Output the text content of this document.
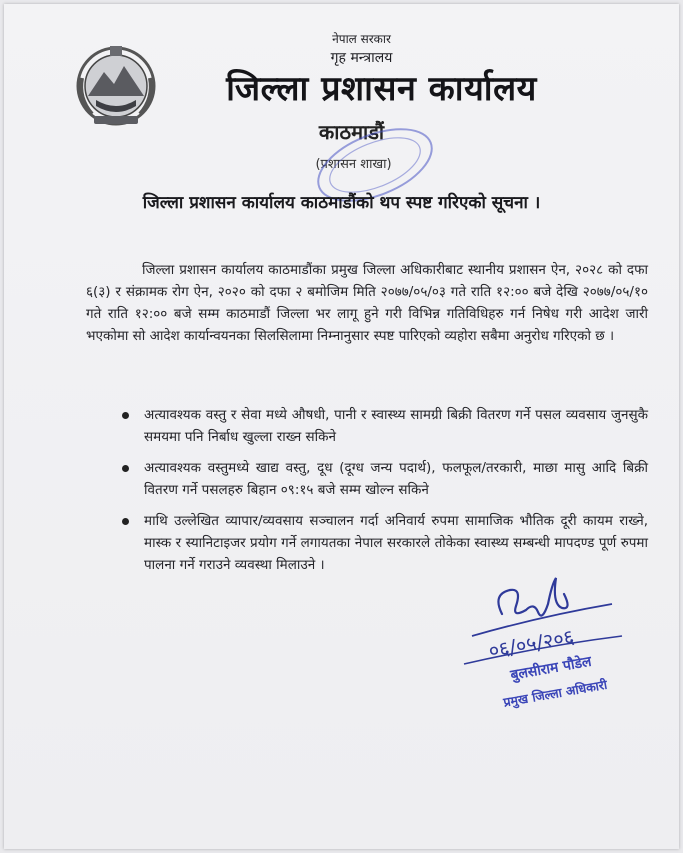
नेपाल सरकार
गृह मन्त्रालय
जिल्ला प्रशासन कार्यालय
काठमाडौं
(प्रशासन शाखा)
जिल्ला प्रशासन कार्यालय काठमाडौंको थप स्पष्ट गरिएको सूचना ।
जिल्ला प्रशासन कार्यालय काठमाडौंका प्रमुख जिल्ला अधिकारीबाट स्थानीय प्रशासन ऐन, २०२८ को दफा ६(३) र संक्रामक रोग ऐन, २०२० को दफा २ बमोजिम मिति २०७७/०५/०३ गते राति १२:०० बजे देखि २०७७/०५/१० गते राति १२:०० बजे सम्म काठमाडौं जिल्ला भर लागू हुने गरी विभिन्न गतिविधिहरु गर्न निषेध गरी आदेश जारी भएकोमा सो आदेश कार्यान्वयनका सिलसिलामा निम्नानुसार स्पष्ट पारिएको व्यहोरा सबैमा अनुरोध गरिएको छ ।
अत्यावश्यक वस्तु र सेवा मध्ये औषधी, पानी र स्वास्थ्य सामग्री बिक्री वितरण गर्ने पसल व्यवसाय जुनसुकै समयमा पनि निर्बाध खुल्ला राख्न सकिने
अत्यावश्यक वस्तुमध्ये खाद्य वस्तु, दूध (दूग्ध जन्य पदार्थ), फलफूल/तरकारी, माछा मासु आदि बिक्री वितरण गर्ने पसलहरु बिहान ०९:१५ बजे सम्म खोल्न सकिने
माथि उल्लेखित व्यापार/व्यवसाय सञ्चालन गर्दा अनिवार्य रुपमा सामाजिक भौतिक दूरी कायम राख्ने, मास्क र स्यानिटाइजर प्रयोग गर्ने लगायतका नेपाल सरकारले तोकेका स्वास्थ्य सम्बन्धी मापदण्ड पूर्ण रुपमा पालना गर्ने गराउने व्यवस्था मिलाउने ।
०६/०५/२०६
बुलसीराम पौडेल
प्रमुख जिल्ला अधिकारी
